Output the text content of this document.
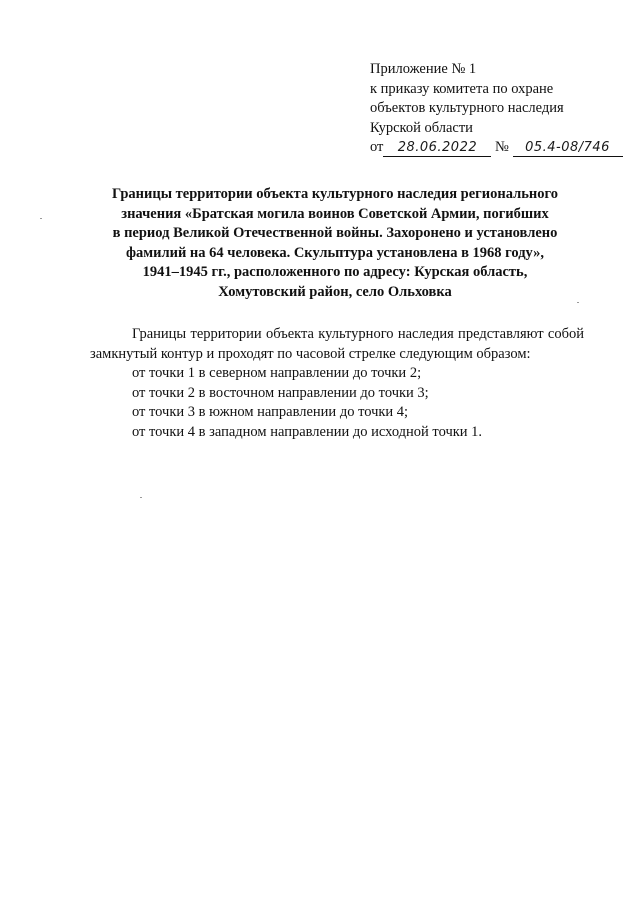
Приложение № 1
к приказу комитета по охране
объектов культурного наследия
Курской области
от 28.06.2022 № 05.4-08/746
Границы территории объекта культурного наследия регионального
значения «Братская могила воинов Советской Армии, погибших
в период Великой Отечественной войны. Захоронено и установлено
фамилий на 64 человека. Скульптура установлена в 1968 году»,
1941–1945 гг., расположенного по адресу: Курская область,
Хомутовский район, село Ольховка

Границы территории объекта культурного наследия представляют собой замкнутый контур и проходят по часовой стрелке следующим образом:

от точки 1 в северном направлении до точки 2;
от точки 2 в восточном направлении до точки 3;
от точки 3 в южном направлении до точки 4;
от точки 4 в западном направлении до исходной точки 1.
